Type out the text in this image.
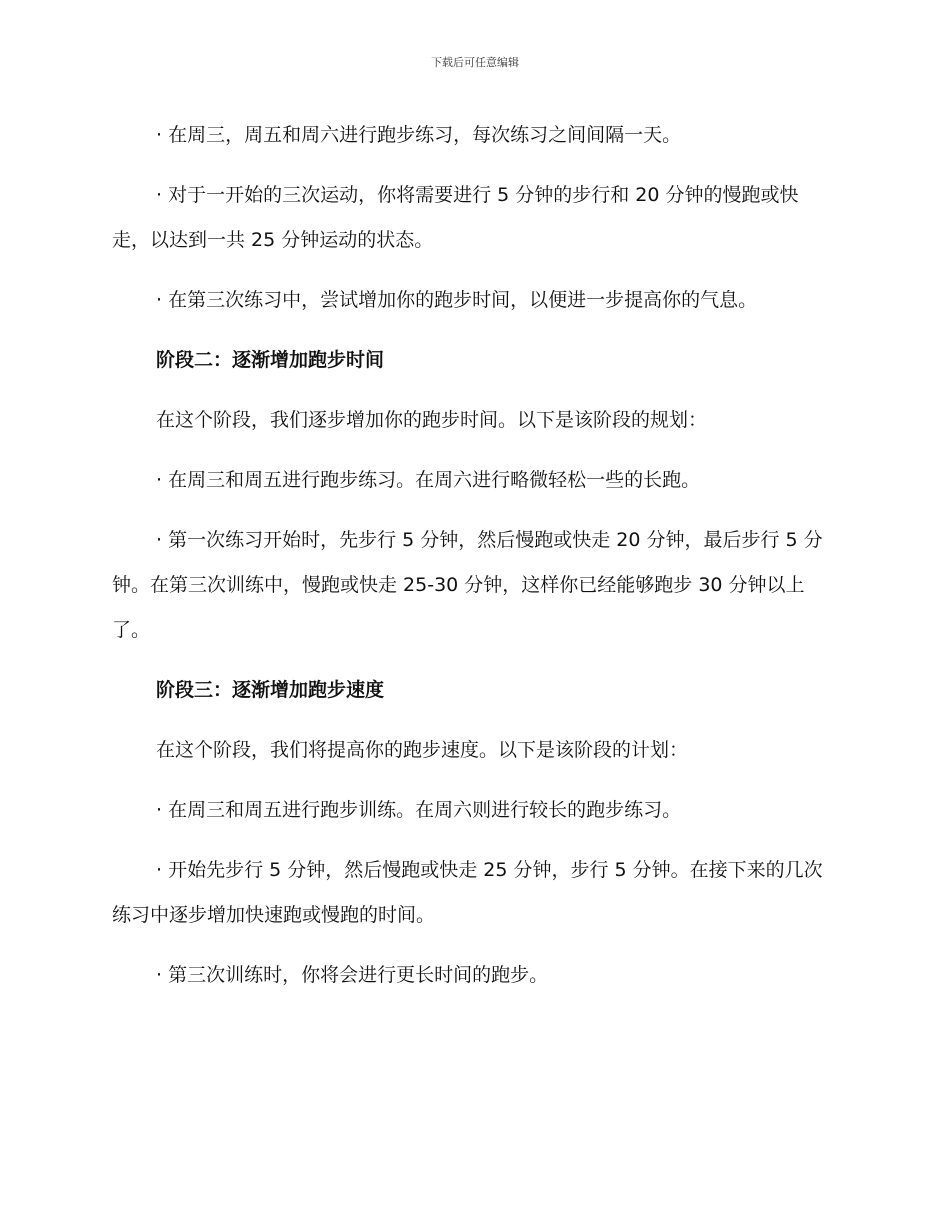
下载后可任意编辑

· 在周三，周五和周六进行跑步练习，每次练习之间间隔一天。

· 对于一开始的三次运动，你将需要进行 5 分钟的步行和 20 分钟的慢跑或快走，以达到一共 25 分钟运动的状态。

· 在第三次练习中，尝试增加你的跑步时间，以便进一步提高你的气息。

阶段二：逐渐增加跑步时间

在这个阶段，我们逐步增加你的跑步时间。以下是该阶段的规划：

· 在周三和周五进行跑步练习。在周六进行略微轻松一些的长跑。

· 第一次练习开始时，先步行 5 分钟，然后慢跑或快走 20 分钟，最后步行 5 分钟。在第三次训练中，慢跑或快走 25-30 分钟，这样你已经能够跑步 30 分钟以上了。

阶段三：逐渐增加跑步速度

在这个阶段，我们将提高你的跑步速度。以下是该阶段的计划：

· 在周三和周五进行跑步训练。在周六则进行较长的跑步练习。

· 开始先步行 5 分钟，然后慢跑或快走 25 分钟，步行 5 分钟。在接下来的几次练习中逐步增加快速跑或慢跑的时间。

· 第三次训练时，你将会进行更长时间的跑步。
